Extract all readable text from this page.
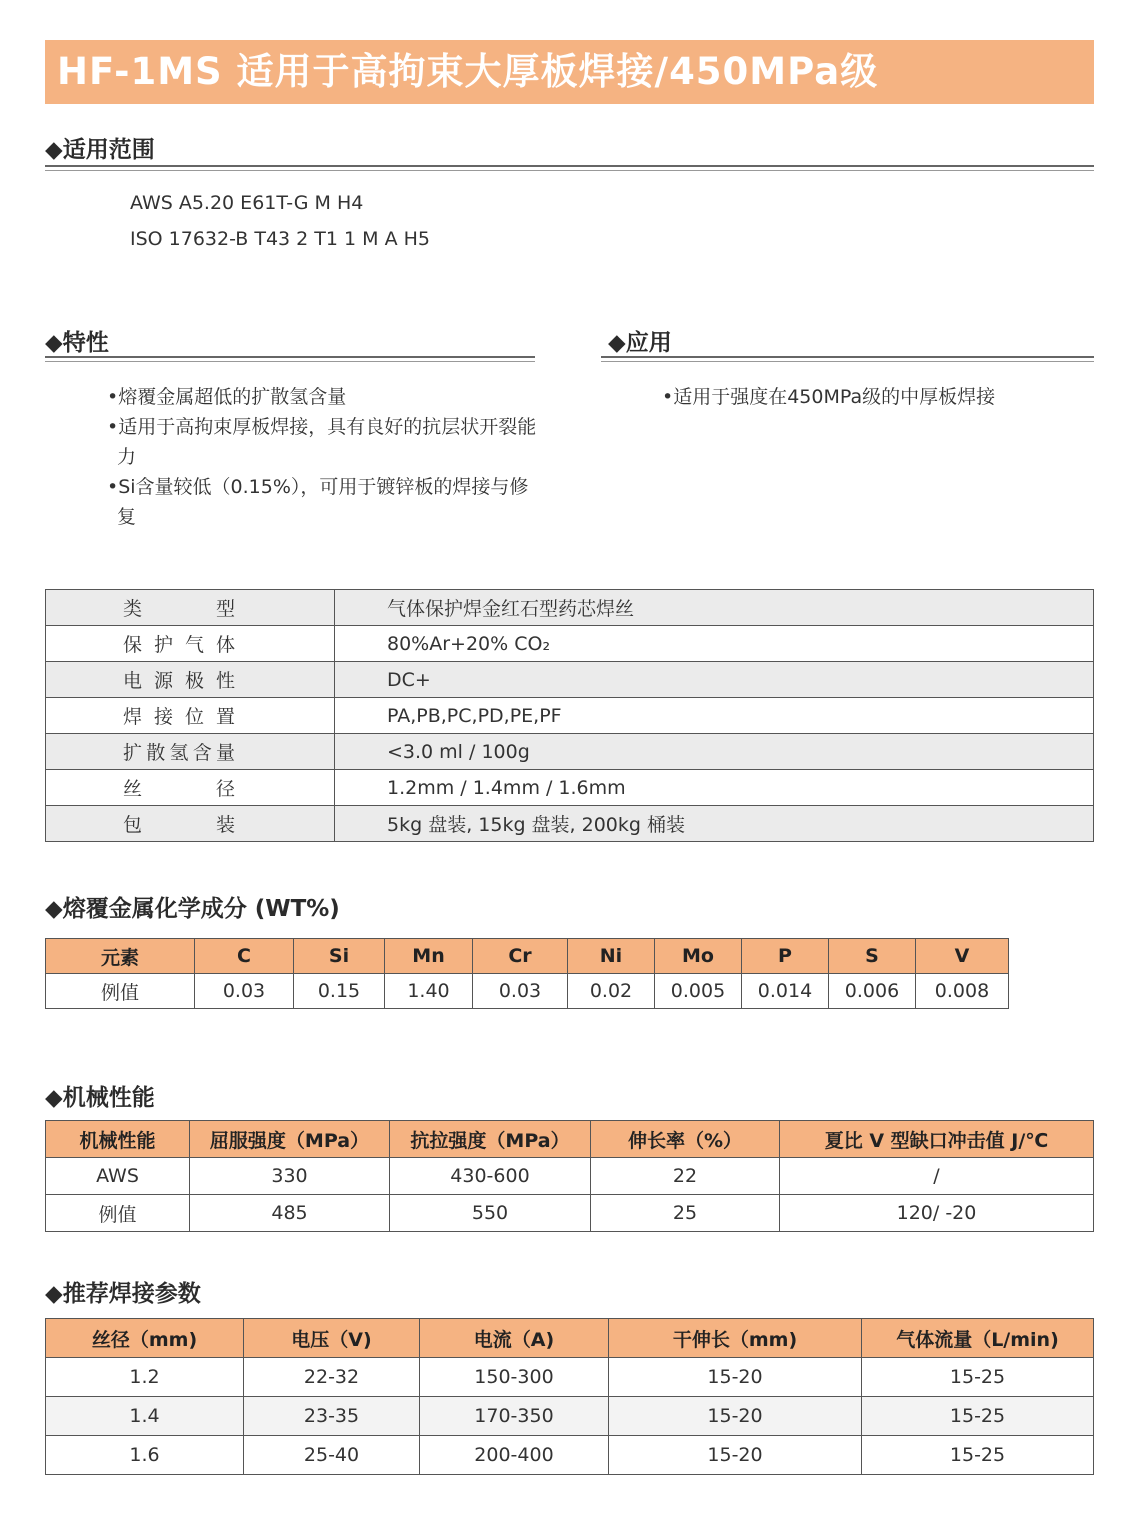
HF-1MS 适用于高拘束大厚板焊接/450MPa级
◆适用范围
AWS A5.20 E61T-G M H4
ISO 17632-B T43 2 T1 1 M A H5
◆特性
•熔覆金属超低的扩散氢含量
•适用于高拘束厚板焊接，具有良好的抗层状开裂能力
•Si含量较低（0.15%），可用于镀锌板的焊接与修复
◆应用
•适用于强度在450MPa级的中厚板焊接
类型	气体保护焊金红石型药芯焊丝
保护气体	80%Ar+20% CO₂
电源极性	DC+
焊接位置	PA,PB,PC,PD,PE,PF
扩散氢含量	<3.0 ml / 100g
丝径	1.2mm / 1.4mm / 1.6mm
包装	5kg 盘装, 15kg 盘装, 200kg 桶装
◆熔覆金属化学成分 (WT%)
元素	C	Si	Mn	Cr	Ni	Mo	P	S	V
例值	0.03	0.15	1.40	0.03	0.02	0.005	0.014	0.006	0.008
◆机械性能
机械性能	屈服强度（MPa）	抗拉强度（MPa）	伸长率（%）	夏比 V 型缺口冲击值 J/℃
AWS	330	430-600	22	/
例值	485	550	25	120/ -20
◆推荐焊接参数
丝径（mm)	电压（V)	电流（A)	干伸长（mm)	气体流量（L/min)
1.2	22-32	150-300	15-20	15-25
1.4	23-35	170-350	15-20	15-25
1.6	25-40	200-400	15-20	15-25
